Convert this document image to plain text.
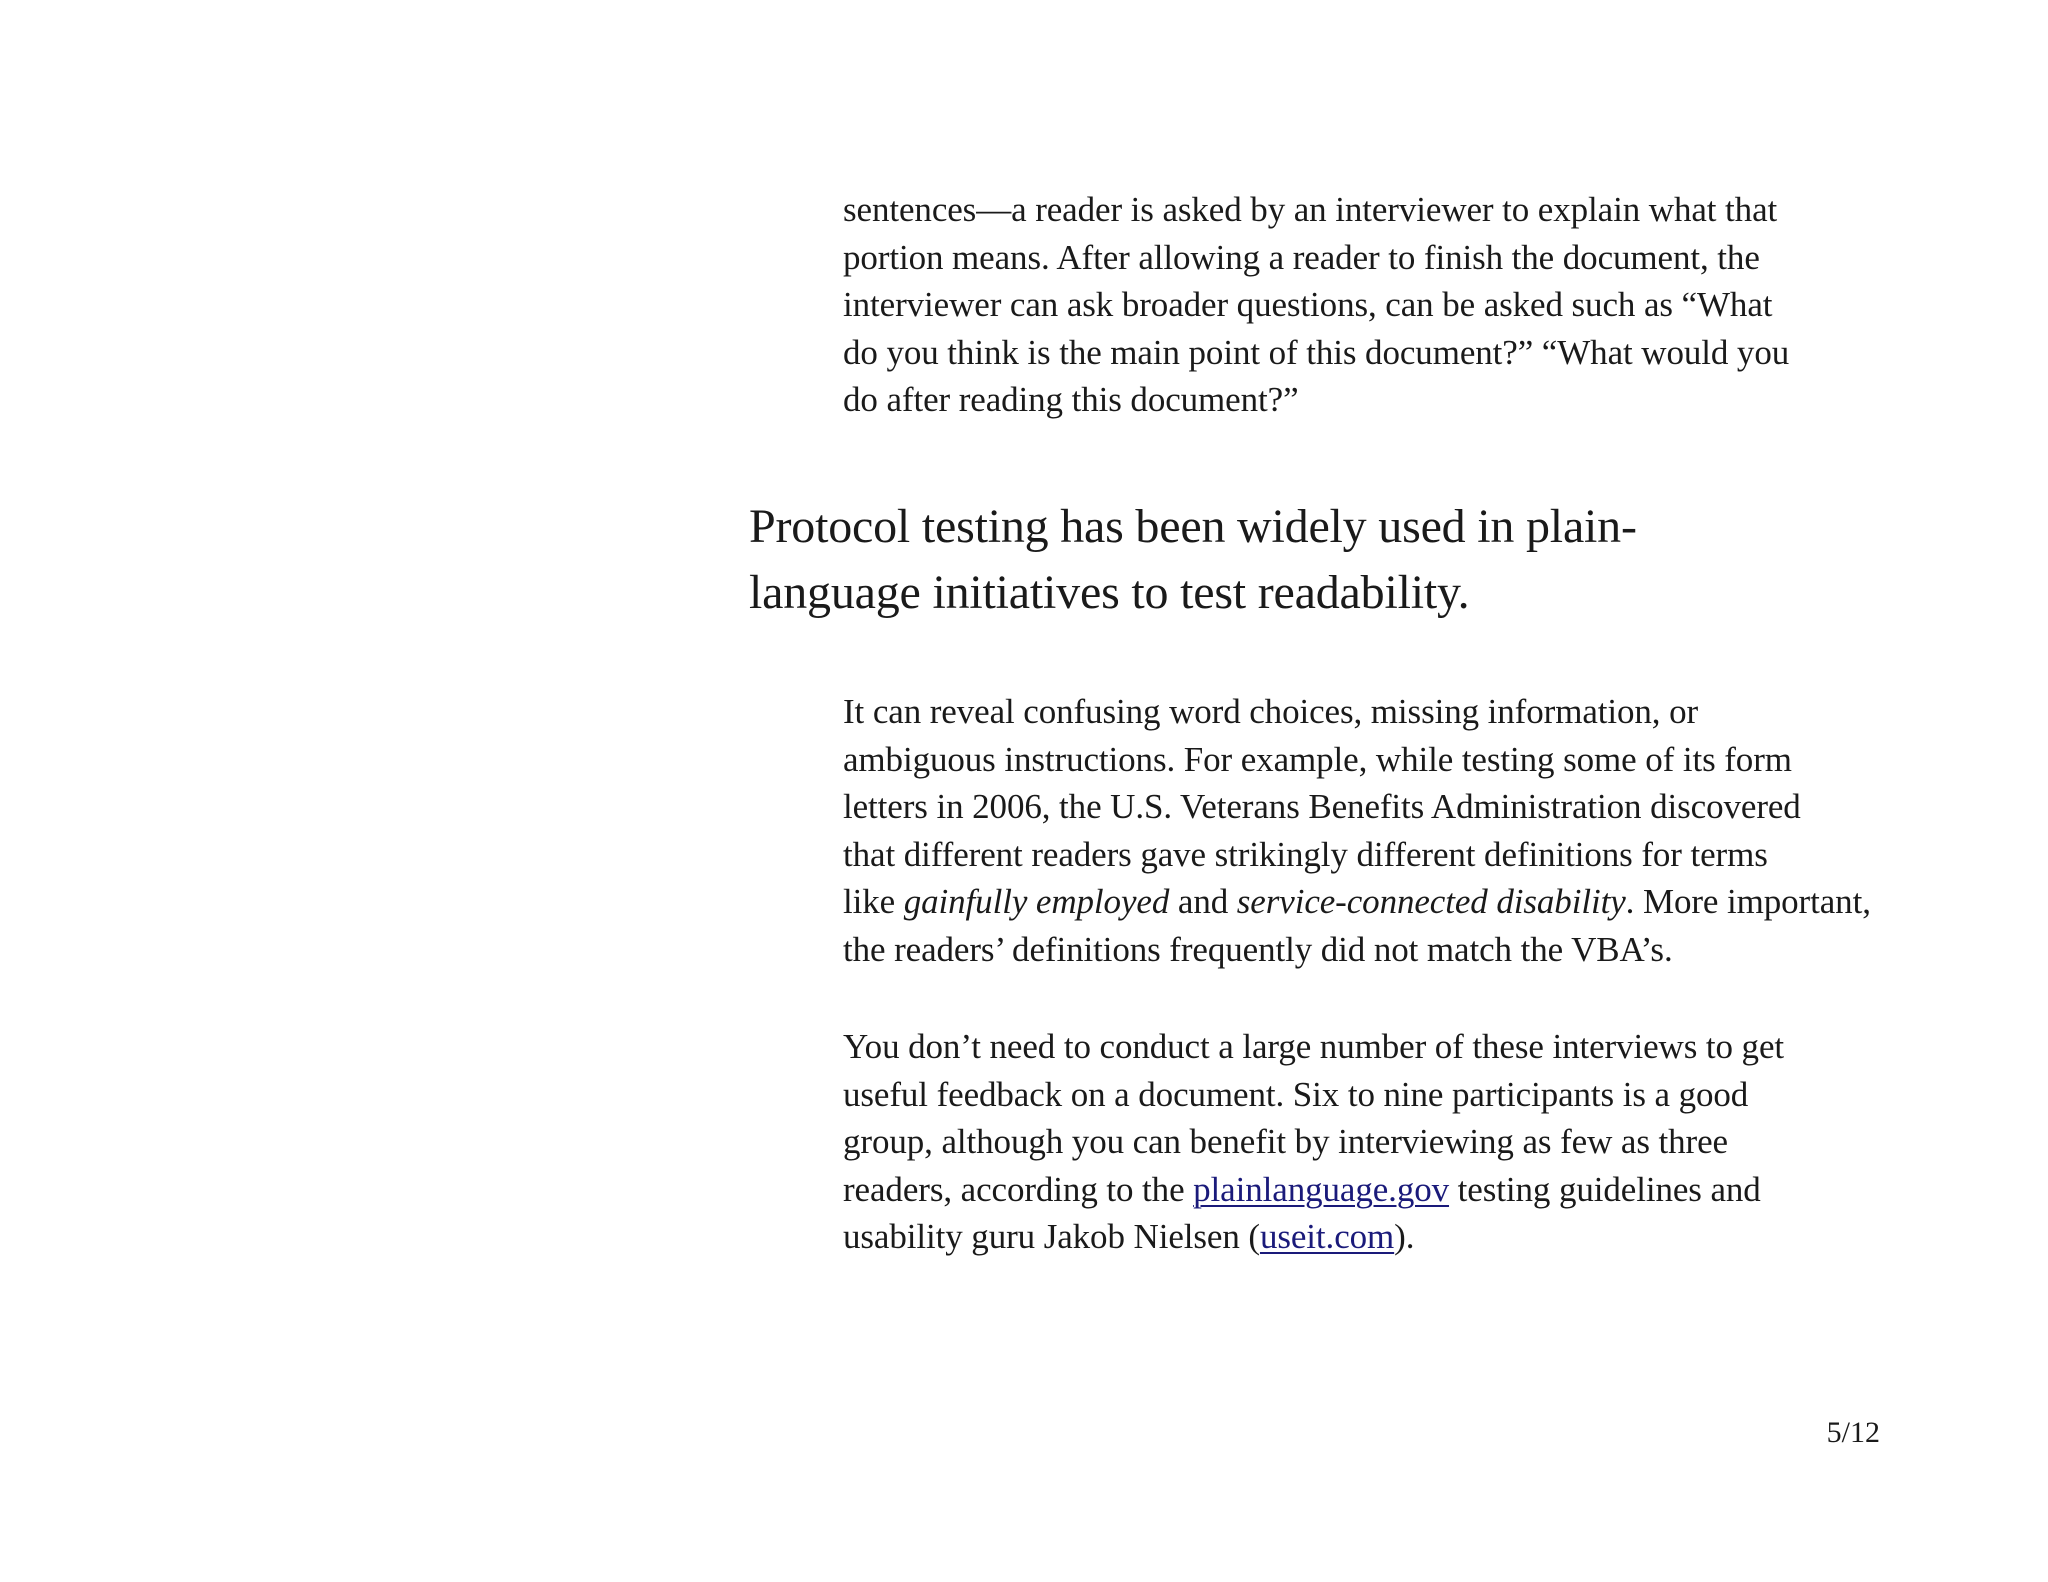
sentences—a reader is asked by an interviewer to explain what that
portion means. After allowing a reader to finish the document, the
interviewer can ask broader questions, can be asked such as “What
do you think is the main point of this document?” “What would you
do after reading this document?”

Protocol testing has been widely used in plain-
language initiatives to test readability.

It can reveal confusing word choices, missing information, or
ambiguous instructions. For example, while testing some of its form
letters in 2006, the U.S. Veterans Benefits Administration discovered
that different readers gave strikingly different definitions for terms
like gainfully employed and service-connected disability. More important,
the readers’ definitions frequently did not match the VBA’s.

You don’t need to conduct a large number of these interviews to get
useful feedback on a document. Six to nine participants is a good
group, although you can benefit by interviewing as few as three
readers, according to the plainlanguage.gov testing guidelines and
usability guru Jakob Nielsen (useit.com).

5/12
